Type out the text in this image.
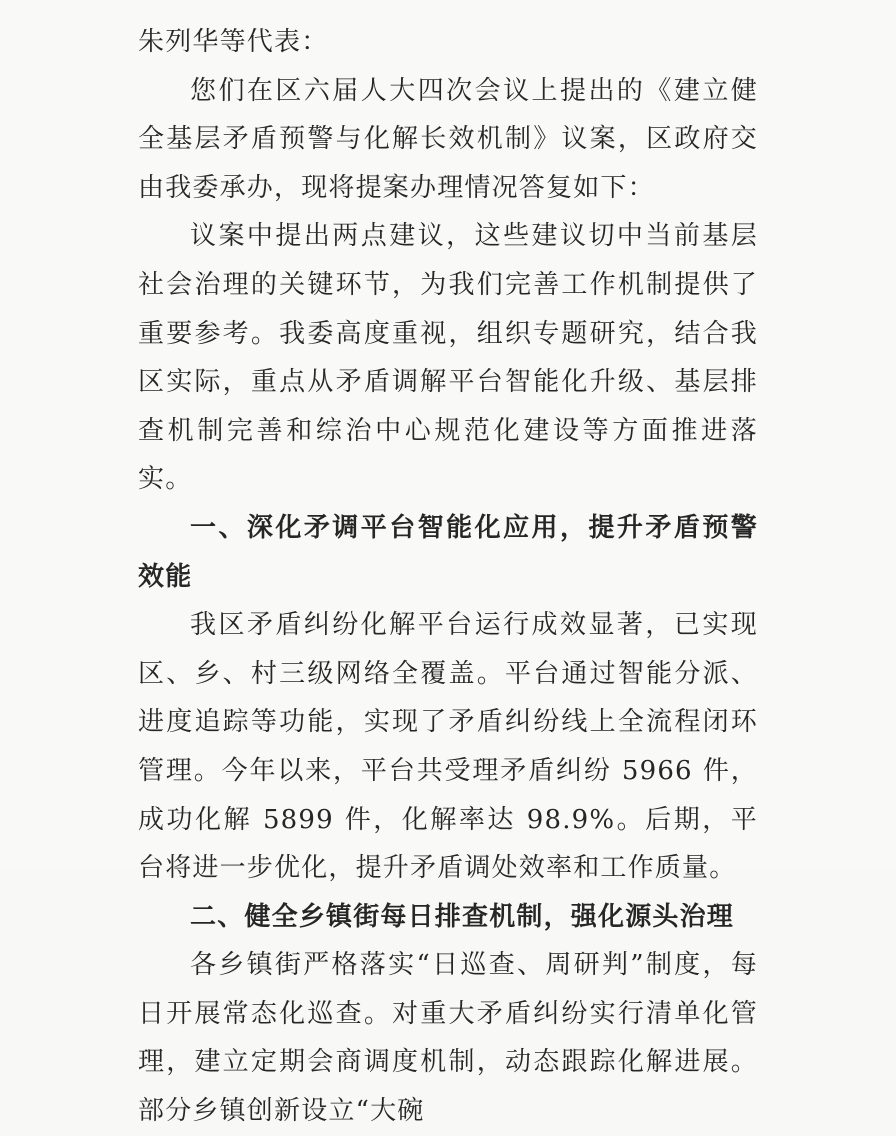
朱列华等代表：

您们在区六届人大四次会议上提出的《建立健全基层矛盾预警与化解长效机制》议案，区政府交由我委承办，现将提案办理情况答复如下：

议案中提出两点建议，这些建议切中当前基层社会治理的关键环节，为我们完善工作机制提供了重要参考。我委高度重视，组织专题研究，结合我区实际，重点从矛盾调解平台智能化升级、基层排查机制完善和综治中心规范化建设等方面推进落实。

一、深化矛调平台智能化应用，提升矛盾预警效能

我区矛盾纠纷化解平台运行成效显著，已实现区、乡、村三级网络全覆盖。平台通过智能分派、进度追踪等功能，实现了矛盾纠纷线上全流程闭环管理。今年以来，平台共受理矛盾纠纷 5966 件，成功化解 5899 件，化解率达 98.9%。后期，平台将进一步优化，提升矛盾调处效率和工作质量。

二、健全乡镇街每日排查机制，强化源头治理

各乡镇街严格落实“日巡查、周研判”制度，每日开展常态化巡查。对重大矛盾纠纷实行清单化管理，建立定期会商调度机制，动态跟踪化解进展。部分乡镇创新设立“大碗
